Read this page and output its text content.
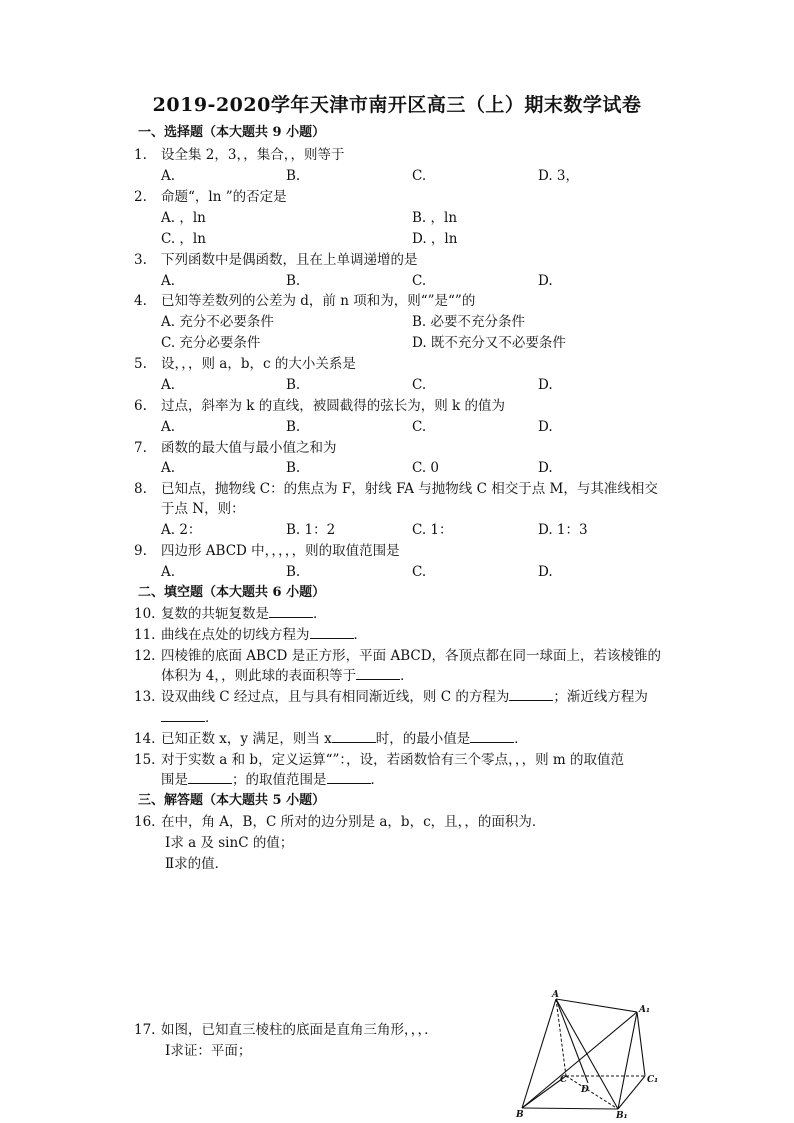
2019-2020学年天津市南开区高三（上）期末数学试卷
一、选择题（本大题共 9 小题）
1. 设全集 2，3，，集合，，则等于
A.	B.	C.	D. 3，
2. 命题“，ln ”的否定是
A. ，ln	B. ，ln
C. ，ln	D. ，ln
3. 下列函数中是偶函数，且在上单调递增的是
A.	B.	C.	D.
4. 已知等差数列的公差为 d，前 n 项和为，则“”是“”的
A. 充分不必要条件	B. 必要不充分条件
C. 充分必要条件	D. 既不充分又不必要条件
5. 设，，，则 a，b，c 的大小关系是
A.	B.	C.	D.
6. 过点，斜率为 k 的直线，被圆截得的弦长为，则 k 的值为
A.	B.	C.	D.
7. 函数的最大值与最小值之和为
A.	B.	C. 0	D.
8. 已知点，抛物线 C：的焦点为 F，射线 FA 与抛物线 C 相交于点 M，与其准线相交
于点 N，则：
A. 2：	B. 1：2	C. 1：	D. 1：3
9. 四边形 ABCD 中，，，，，则的取值范围是
A.	B.	C.	D.
二、填空题（本大题共 6 小题）
10. 复数的共轭复数是	．
11. 曲线在点处的切线方程为	．
12. 四棱锥的底面 ABCD 是正方形，平面 ABCD，各顶点都在同一球面上，若该棱锥的
体积为 4，，则此球的表面积等于	．
13. 设双曲线 C 经过点，且与具有相同渐近线，则 C 的方程为	；渐近线方程为
．
14. 已知正数 x，y 满足，则当 x	时，的最小值是	．
15. 对于实数 a 和 b，定义运算“”：，设，若函数恰有三个零点，，，则 m 的取值范
围是	；的取值范围是	．
三、解答题（本大题共 5 小题）
16. 在中，角 A，B，C 所对的边分别是 a，b，c，且，，的面积为．
Ⅰ求 a 及 sinC 的值；
Ⅱ求的值．
17. 如图，已知直三棱柱的底面是直角三角形，，，．
Ⅰ求证：平面；
A
A₁
C	C₁
D
B	B₁
